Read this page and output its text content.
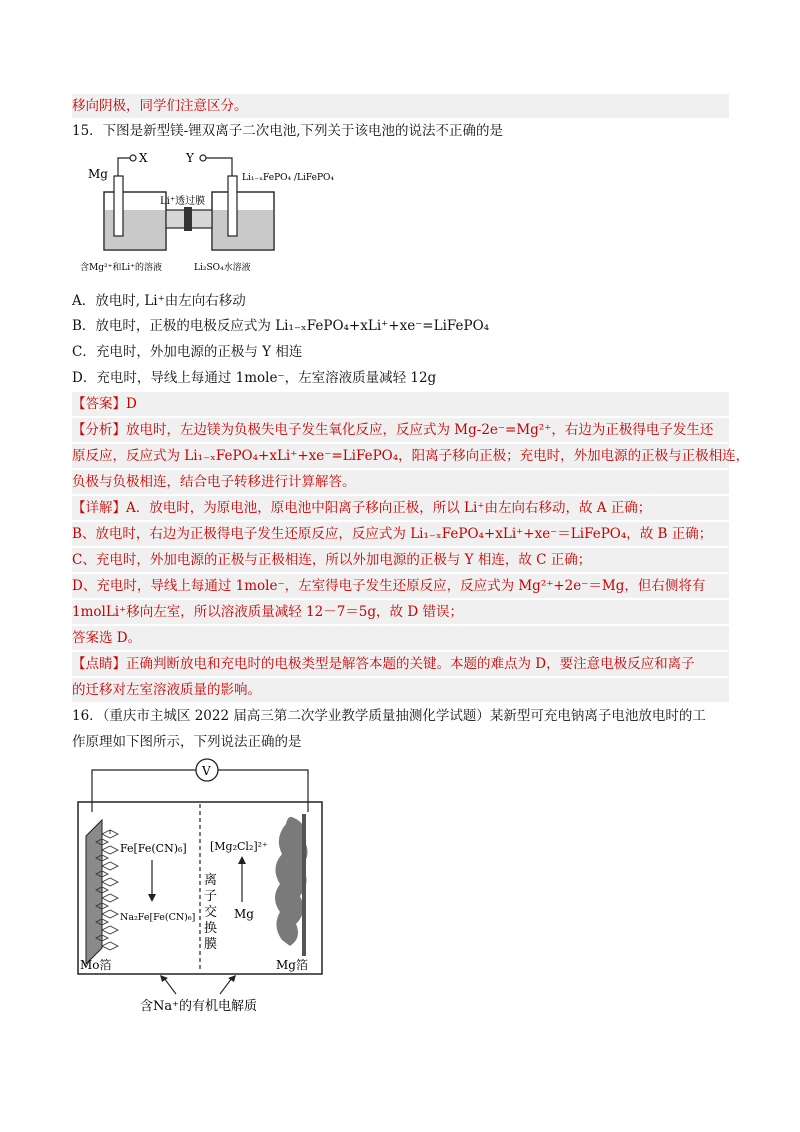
移向阴极，同学们注意区分。
15．下图是新型镁-锂双离子二次电池,下列关于该电池的说法不正确的是
Mg
X	Y
Li₁₋ₓFePO₄ /LiFePO₄
Li⁺透过膜
含Mg²⁺和Li⁺的溶液	Li₂SO₄水溶液
A．放电时, Li⁺由左向右移动
B．放电时，正极的电极反应式为 Li₁₋ₓFePO₄+xLi⁺+xe⁻=LiFePO₄
C．充电时，外加电源的正极与 Y 相连
D．充电时，导线上每通过 1mole⁻，左室溶液质量减轻 12g
【答案】D
【分析】放电时，左边镁为负极失电子发生氧化反应，反应式为 Mg-2e⁻=Mg²⁺，右边为正极得电子发生还
原反应，反应式为 Li₁₋ₓFePO₄+xLi⁺+xe⁻=LiFePO₄，阳离子移向正极；充电时，外加电源的正极与正极相连，
负极与负极相连，结合电子转移进行计算解答。
【详解】A．放电时，为原电池，原电池中阳离子移向正极，所以 Li⁺由左向右移动，故 A 正确；
B、放电时，右边为正极得电子发生还原反应，反应式为 Li₁₋ₓFePO₄+xLi⁺+xe⁻＝LiFePO₄，故 B 正确；
C、充电时，外加电源的正极与正极相连，所以外加电源的正极与 Y 相连，故 C 正确；
D、充电时，导线上每通过 1mole⁻，左室得电子发生还原反应，反应式为 Mg²⁺+2e⁻＝Mg，但右侧将有
1molLi⁺移向左室，所以溶液质量减轻 12－7＝5g，故 D 错误；
答案选 D。
【点睛】正确判断放电和充电时的电极类型是解答本题的关键。本题的难点为 D，要注意电极反应和离子
的迁移对左室溶液质量的影响。
16．（重庆市主城区 2022 届高三第二次学业教学质量抽测化学试题）某新型可充电钠离子电池放电时的工
作原理如下图所示，下列说法正确的是
V
Fe[Fe(CN)₆]
Na₂Fe[Fe(CN)₆]
[Mg₂Cl₂]²⁺
Mg
离子交换膜
Mo箔	Mg箔
含Na⁺的有机电解质
